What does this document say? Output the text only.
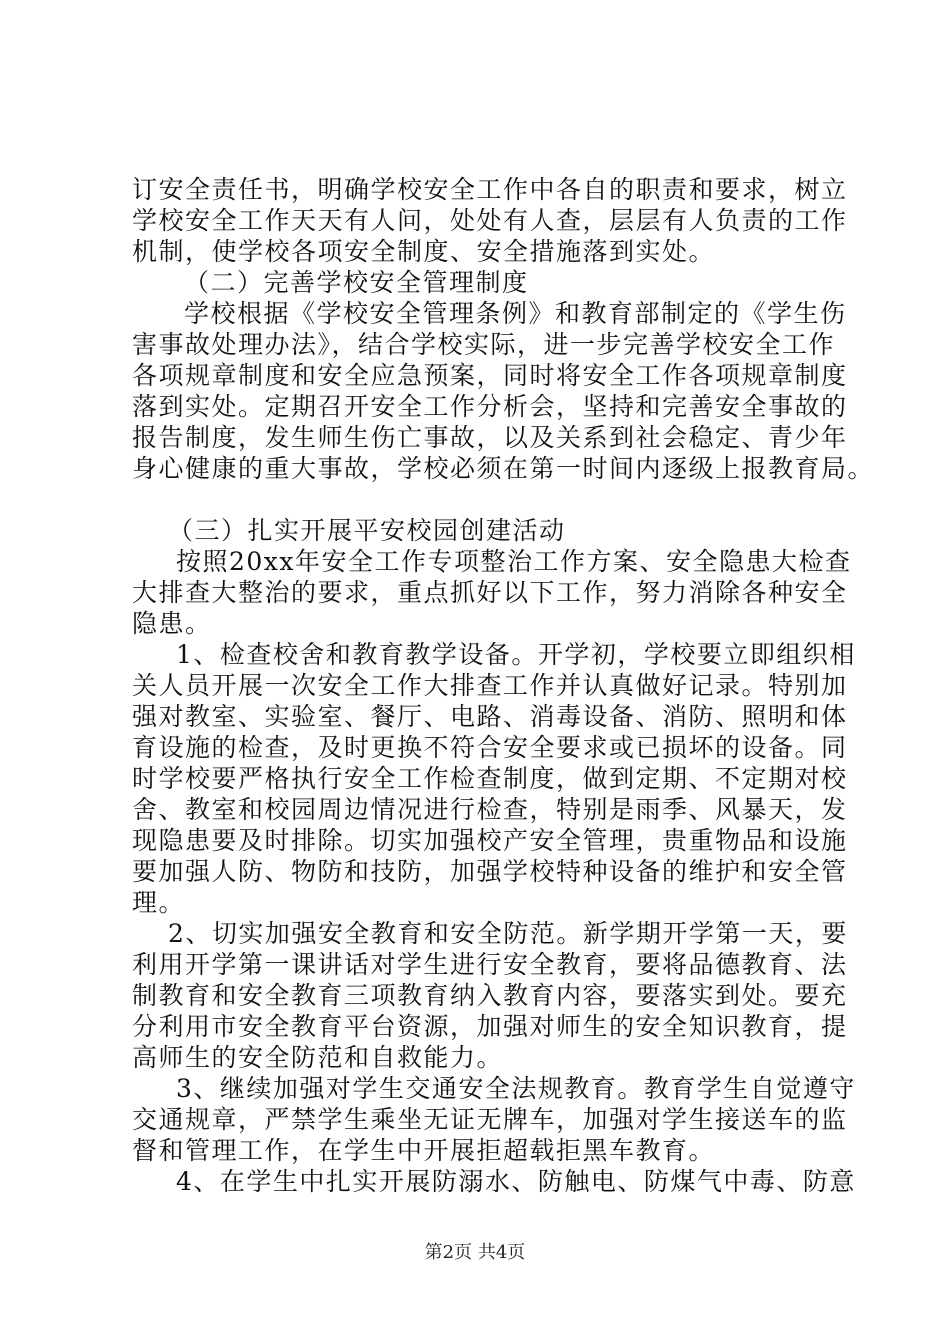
订安全责任书，明确学校安全工作中各自的职责和要求，树立
学校安全工作天天有人问，处处有人查，层层有人负责的工作
机制，使学校各项安全制度、安全措施落到实处。
（二）完善学校安全管理制度
学校根据《学校安全管理条例》和教育部制定的《学生伤
害事故处理办法》，结合学校实际，进一步完善学校安全工作
各项规章制度和安全应急预案，同时将安全工作各项规章制度
落到实处。定期召开安全工作分析会，坚持和完善安全事故的
报告制度，发生师生伤亡事故，以及关系到社会稳定、青少年
身心健康的重大事故，学校必须在第一时间内逐级上报教育局。
（三）扎实开展平安校园创建活动
按照20xx年安全工作专项整治工作方案、安全隐患大检查
大排查大整治的要求，重点抓好以下工作，努力消除各种安全
隐患。
1、检查校舍和教育教学设备。开学初，学校要立即组织相
关人员开展一次安全工作大排查工作并认真做好记录。特别加
强对教室、实验室、餐厅、电路、消毒设备、消防、照明和体
育设施的检查，及时更换不符合安全要求或已损坏的设备。同
时学校要严格执行安全工作检查制度，做到定期、不定期对校
舍、教室和校园周边情况进行检查，特别是雨季、风暴天，发
现隐患要及时排除。切实加强校产安全管理，贵重物品和设施
要加强人防、物防和技防，加强学校特种设备的维护和安全管
理。
2、切实加强安全教育和安全防范。新学期开学第一天，要
利用开学第一课讲话对学生进行安全教育，要将品德教育、法
制教育和安全教育三项教育纳入教育内容，要落实到处。要充
分利用市安全教育平台资源，加强对师生的安全知识教育，提
高师生的安全防范和自救能力。
3、继续加强对学生交通安全法规教育。教育学生自觉遵守
交通规章，严禁学生乘坐无证无牌车，加强对学生接送车的监
督和管理工作，在学生中开展拒超载拒黑车教育。
4、在学生中扎实开展防溺水、防触电、防煤气中毒、防意
第2页 共4页
